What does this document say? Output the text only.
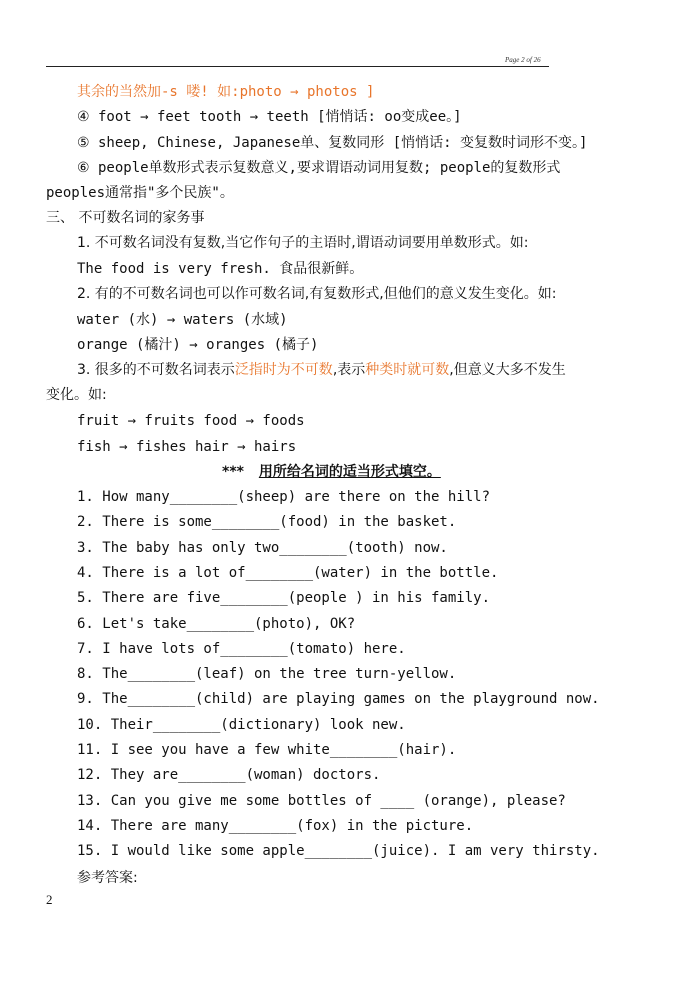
Page 2 of 26
其余的当然加-s 喽! 如:photo → photos ]
④ foot → feet tooth → teeth [悄悄话: oo变成ee。]
⑤ sheep, Chinese, Japanese单、复数同形 [悄悄话: 变复数时词形不变。]
⑥ people单数形式表示复数意义,要求谓语动词用复数; people的复数形式
peoples通常指"多个民族"。
三、 不可数名词的家务事
1. 不可数名词没有复数,当它作句子的主语时,谓语动词要用单数形式。如:
The food is very fresh. 食品很新鲜。
2. 有的不可数名词也可以作可数名词,有复数形式,但他们的意义发生变化。如:
water (水) → waters (水域)
orange (橘汁) → oranges (橘子)
3. 很多的不可数名词表示泛指时为不可数,表示种类时就可数,但意义大多不发生
变化。如:
fruit → fruits food → foods
fish → fishes hair → hairs
*** 用所给名词的适当形式填空。
1. How many________(sheep) are there on the hill?
2. There is some________(food) in the basket.
3. The baby has only two________(tooth) now.
4. There is a lot of________(water) in the bottle.
5. There are five________(people ) in his family.
6. Let's take________(photo), OK?
7. I have lots of________(tomato) here.
8. The________(leaf) on the tree turn-yellow.
9. The________(child) are playing games on the playground now.
10. Their________(dictionary) look new.
11. I see you have a few white________(hair).
12. They are________(woman) doctors.
13. Can you give me some bottles of ____ (orange), please?
14. There are many________(fox) in the picture.
15. I would like some apple________(juice). I am very thirsty.
参考答案:
2
